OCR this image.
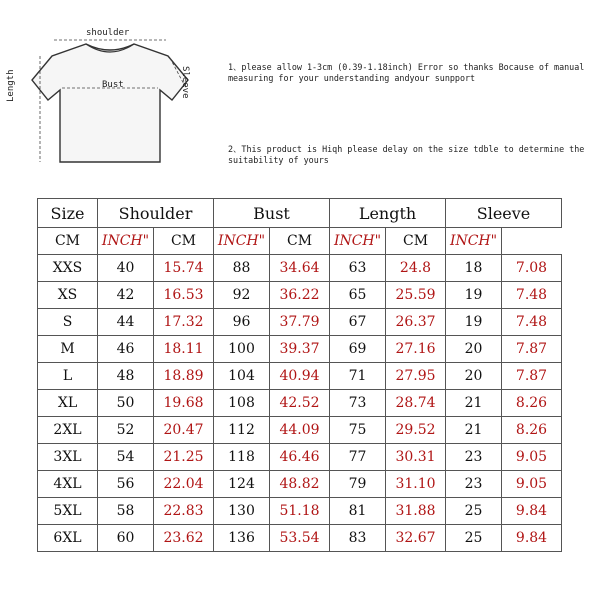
shoulder
Bust
Length	Sleeve	1、please allow 1-3cm (0.39-1.18inch) Error so thanks Bocause of manual measuring for your understanding andyour sunpport

2、This product is Hiqh please delay on the size tdble to determine the suitability of yours

Size	Shoulder		Bust		Length		Sleeve	
CM	INCH"	CM	INCH"	CM	INCH"	CM	INCH"	
XXS	40	15.74	88	34.64	63	24.8	18	7.08
XS	42	16.53	92	36.22	65	25.59	19	7.48
S	44	17.32	96	37.79	67	26.37	19	7.48
M	46	18.11	100	39.37	69	27.16	20	7.87
L	48	18.89	104	40.94	71	27.95	20	7.87
XL	50	19.68	108	42.52	73	28.74	21	8.26
2XL	52	20.47	112	44.09	75	29.52	21	8.26
3XL	54	21.25	118	46.46	77	30.31	23	9.05
4XL	56	22.04	124	48.82	79	31.10	23	9.05
5XL	58	22.83	130	51.18	81	31.88	25	9.84
6XL	60	23.62	136	53.54	83	32.67	25	9.84
